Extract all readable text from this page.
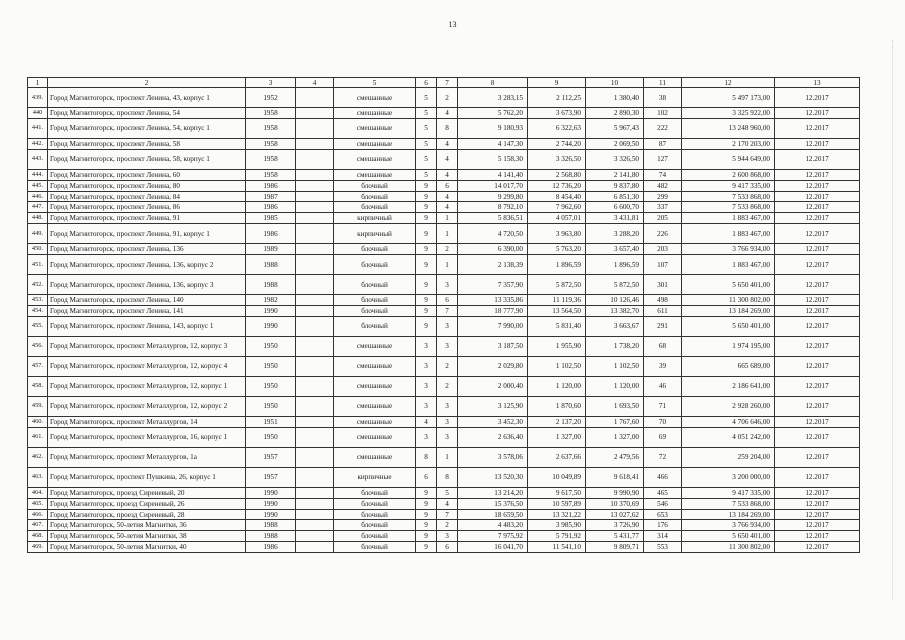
13
1	2	3	4	5	6	7	8	9	10	11	12	13
439.	Город Магнитогорск, проспект Ленина, 43, корпус 1	1952		смешанные	5	2	3 283,15	2 112,25	1 380,40	38	5 497 173,00	12.2017
440	Город Магнитогорск, проспект Ленина, 54	1958		смешанные	5	4	5 762,20	3 673,90	2 890,30	102	3 325 922,00	12.2017
441.	Город Магнитогорск, проспект Ленина, 54, корпус 1	1958		смешанные	5	8	9 180,93	6 322,63	5 967,43	222	13 248 960,00	12.2017
442.	Город Магнитогорск, проспект Ленина, 58	1958		смешанные	5	4	4 147,30	2 744,20	2 069,50	87	2 170 203,00	12.2017
443.	Город Магнитогорск, проспект Ленина, 58, корпус 1	1958		смешанные	5	4	5 158,30	3 326,50	3 326,50	127	5 944 649,00	12.2017
444.	Город Магнитогорск, проспект Ленина, 60	1958		смешанные	5	4	4 141,40	2 568,80	2 141,80	74	2 600 868,00	12.2017
445.	Город Магнитогорск, проспект Ленина, 80	1986		блочный	9	6	14 017,70	12 736,20	9 837,80	482	9 417 335,00	12.2017
446.	Город Магнитогорск, проспект Ленина, 84	1987		блочный	9	4	9 299,80	8 454,40	6 851,30	299	7 533 868,00	12.2017
447.	Город Магнитогорск, проспект Ленина, 86	1986		блочный	9	4	8 792,10	7 962,60	6 600,70	337	7 533 868,00	12.2017
448.	Город Магнитогорск, проспект Ленина, 91	1985		кирпичный	9	1	5 836,51	4 057,01	3 431,81	205	1 883 467,00	12.2017
449.	Город Магнитогорск, проспект Ленина, 91, корпус 1	1986		кирпичный	9	1	4 720,50	3 963,80	3 288,20	226	1 883 467,00	12.2017
450.	Город Магнитогорск, проспект Ленина, 136	1989		блочный	9	2	6 390,00	5 763,20	3 657,40	203	3 766 934,00	12.2017
451.	Город Магнитогорск, проспект Ленина, 136, корпус 2	1988		блочный	9	1	2 138,39	1 896,59	1 896,59	107	1 883 467,00	12.2017
452.	Город Магнитогорск, проспект Ленина, 136, корпус 3	1988		блочный	9	3	7 357,90	5 872,50	5 872,50	301	5 650 401,00	12.2017
453.	Город Магнитогорск, проспект Ленина, 140	1982		блочный	9	6	13 335,86	11 119,36	10 126,46	498	11 300 802,00	12.2017
454.	Город Магнитогорск, проспект Ленина, 141	1990		блочный	9	7	18 777,90	13 564,50	13 382,70	611	13 184 269,00	12.2017
455.	Город Магнитогорск, проспект Ленина, 143, корпус 1	1990		блочный	9	3	7 990,00	5 831,40	3 663,67	291	5 650 401,00	12.2017
456.	Город Магнитогорск, проспект Металлургов, 12, корпус 3	1950		смешанные	3	3	3 187,50	1 955,90	1 738,20	68	1 974 195,00	12.2017
457.	Город Магнитогорск, проспект Металлургов, 12, корпус 4	1950		смешанные	3	2	2 029,80	1 102,50	1 102,50	39	665 689,00	12.2017
458.	Город Магнитогорск, проспект Металлургов, 12, корпус 1	1950		смешанные	3	2	2 000,40	1 120,00	1 120,00	46	2 186 641,00	12.2017
459.	Город Магнитогорск, проспект Металлургов, 12, корпус 2	1950		смешанные	3	3	3 125,90	1 870,60	1 693,50	71	2 928 260,00	12.2017
460.	Город Магнитогорск, проспект Металлургов, 14	1951		смешанные	4	3	3 452,30	2 137,20	1 767,60	70	4 706 646,00	12.2017
461.	Город Магнитогорск, проспект Металлургов, 16, корпус 1	1950		смешанные	3	3	2 636,40	1 327,00	1 327,00	69	4 051 242,00	12.2017
462.	Город Магнитогорск, проспект Металлургов, 1а	1957		смешанные	8	1	3 578,06	2 637,66	2 479,56	72	259 204,00	12.2017
463.	Город Магнитогорск, проспект Пушкина, 26, корпус 1	1957		кирпичные	6	8	13 520,30	10 049,89	9 618,41	466	3 200 000,00	12.2017
464.	Город Магнитогорск, проезд Сиреневый, 20	1990		блочный	9	5	13 214,20	9 617,50	9 990,90	465	9 417 335,00	12.2017
465.	Город Магнитогорск, проезд Сиреневый, 26	1990		блочный	9	4	15 376,50	10 597,89	10 370,69	546	7 533 868,00	12.2017
466.	Город Магнитогорск, проезд Сиреневый, 28	1990		блочный	9	7	18 659,50	13 321,22	13 027,62	653	13 184 269,00	12.2017
467.	Город Магнитогорск, 50-летия Магнитки, 36	1988		блочный	9	2	4 483,20	3 985,90	3 726,90	176	3 766 934,00	12.2017
468.	Город Магнитогорск, 50-летия Магнитки, 38	1988		блочный	9	3	7 975,92	5 791,92	5 431,77	314	5 650 401,00	12.2017
469.	Город Магнитогорск, 50-летия Магнитки, 40	1986		блочный	9	6	16 041,70	11 541,10	9 809,71	553	11 300 802,00	12.2017
